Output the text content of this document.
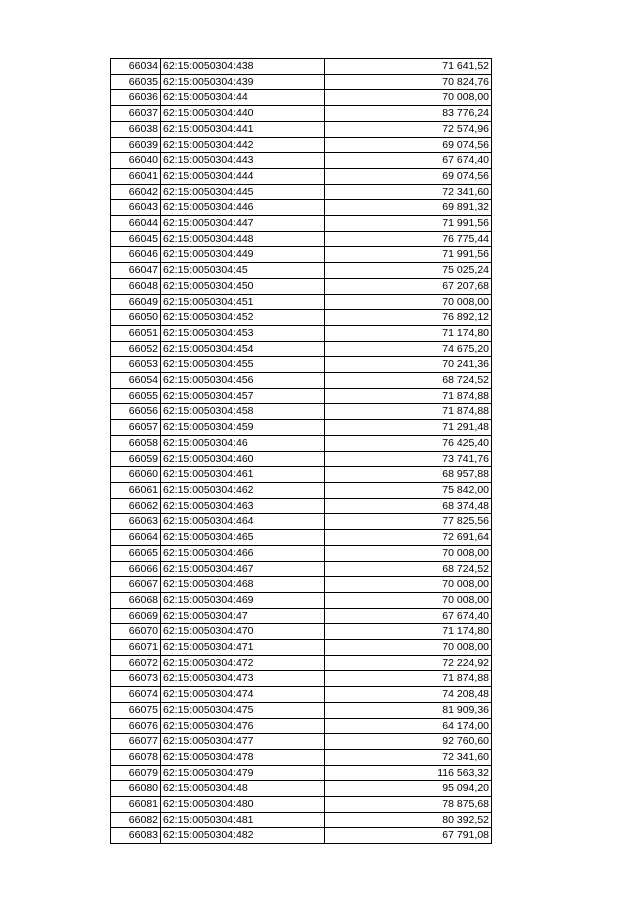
66034	62:15:0050304:438	71 641,52
66035	62:15:0050304:439	70 824,76
66036	62:15:0050304:44	70 008,00
66037	62:15:0050304:440	83 776,24
66038	62:15:0050304:441	72 574,96
66039	62:15:0050304:442	69 074,56
66040	62:15:0050304:443	67 674,40
66041	62:15:0050304:444	69 074,56
66042	62:15:0050304:445	72 341,60
66043	62:15:0050304:446	69 891,32
66044	62:15:0050304:447	71 991,56
66045	62:15:0050304:448	76 775,44
66046	62:15:0050304:449	71 991,56
66047	62:15:0050304:45	75 025,24
66048	62:15:0050304:450	67 207,68
66049	62:15:0050304:451	70 008,00
66050	62:15:0050304:452	76 892,12
66051	62:15:0050304:453	71 174,80
66052	62:15:0050304:454	74 675,20
66053	62:15:0050304:455	70 241,36
66054	62:15:0050304:456	68 724,52
66055	62:15:0050304:457	71 874,88
66056	62:15:0050304:458	71 874,88
66057	62:15:0050304:459	71 291,48
66058	62:15:0050304:46	76 425,40
66059	62:15:0050304:460	73 741,76
66060	62:15:0050304:461	68 957,88
66061	62:15:0050304:462	75 842,00
66062	62:15:0050304:463	68 374,48
66063	62:15:0050304:464	77 825,56
66064	62:15:0050304:465	72 691,64
66065	62:15:0050304:466	70 008,00
66066	62:15:0050304:467	68 724,52
66067	62:15:0050304:468	70 008,00
66068	62:15:0050304:469	70 008,00
66069	62:15:0050304:47	67 674,40
66070	62:15:0050304:470	71 174,80
66071	62:15:0050304:471	70 008,00
66072	62:15:0050304:472	72 224,92
66073	62:15:0050304:473	71 874,88
66074	62:15:0050304:474	74 208,48
66075	62:15:0050304:475	81 909,36
66076	62:15:0050304:476	64 174,00
66077	62:15:0050304:477	92 760,60
66078	62:15:0050304:478	72 341,60
66079	62:15:0050304:479	116 563,32
66080	62:15:0050304:48	95 094,20
66081	62:15:0050304:480	78 875,68
66082	62:15:0050304:481	80 392,52
66083	62:15:0050304:482	67 791,08
